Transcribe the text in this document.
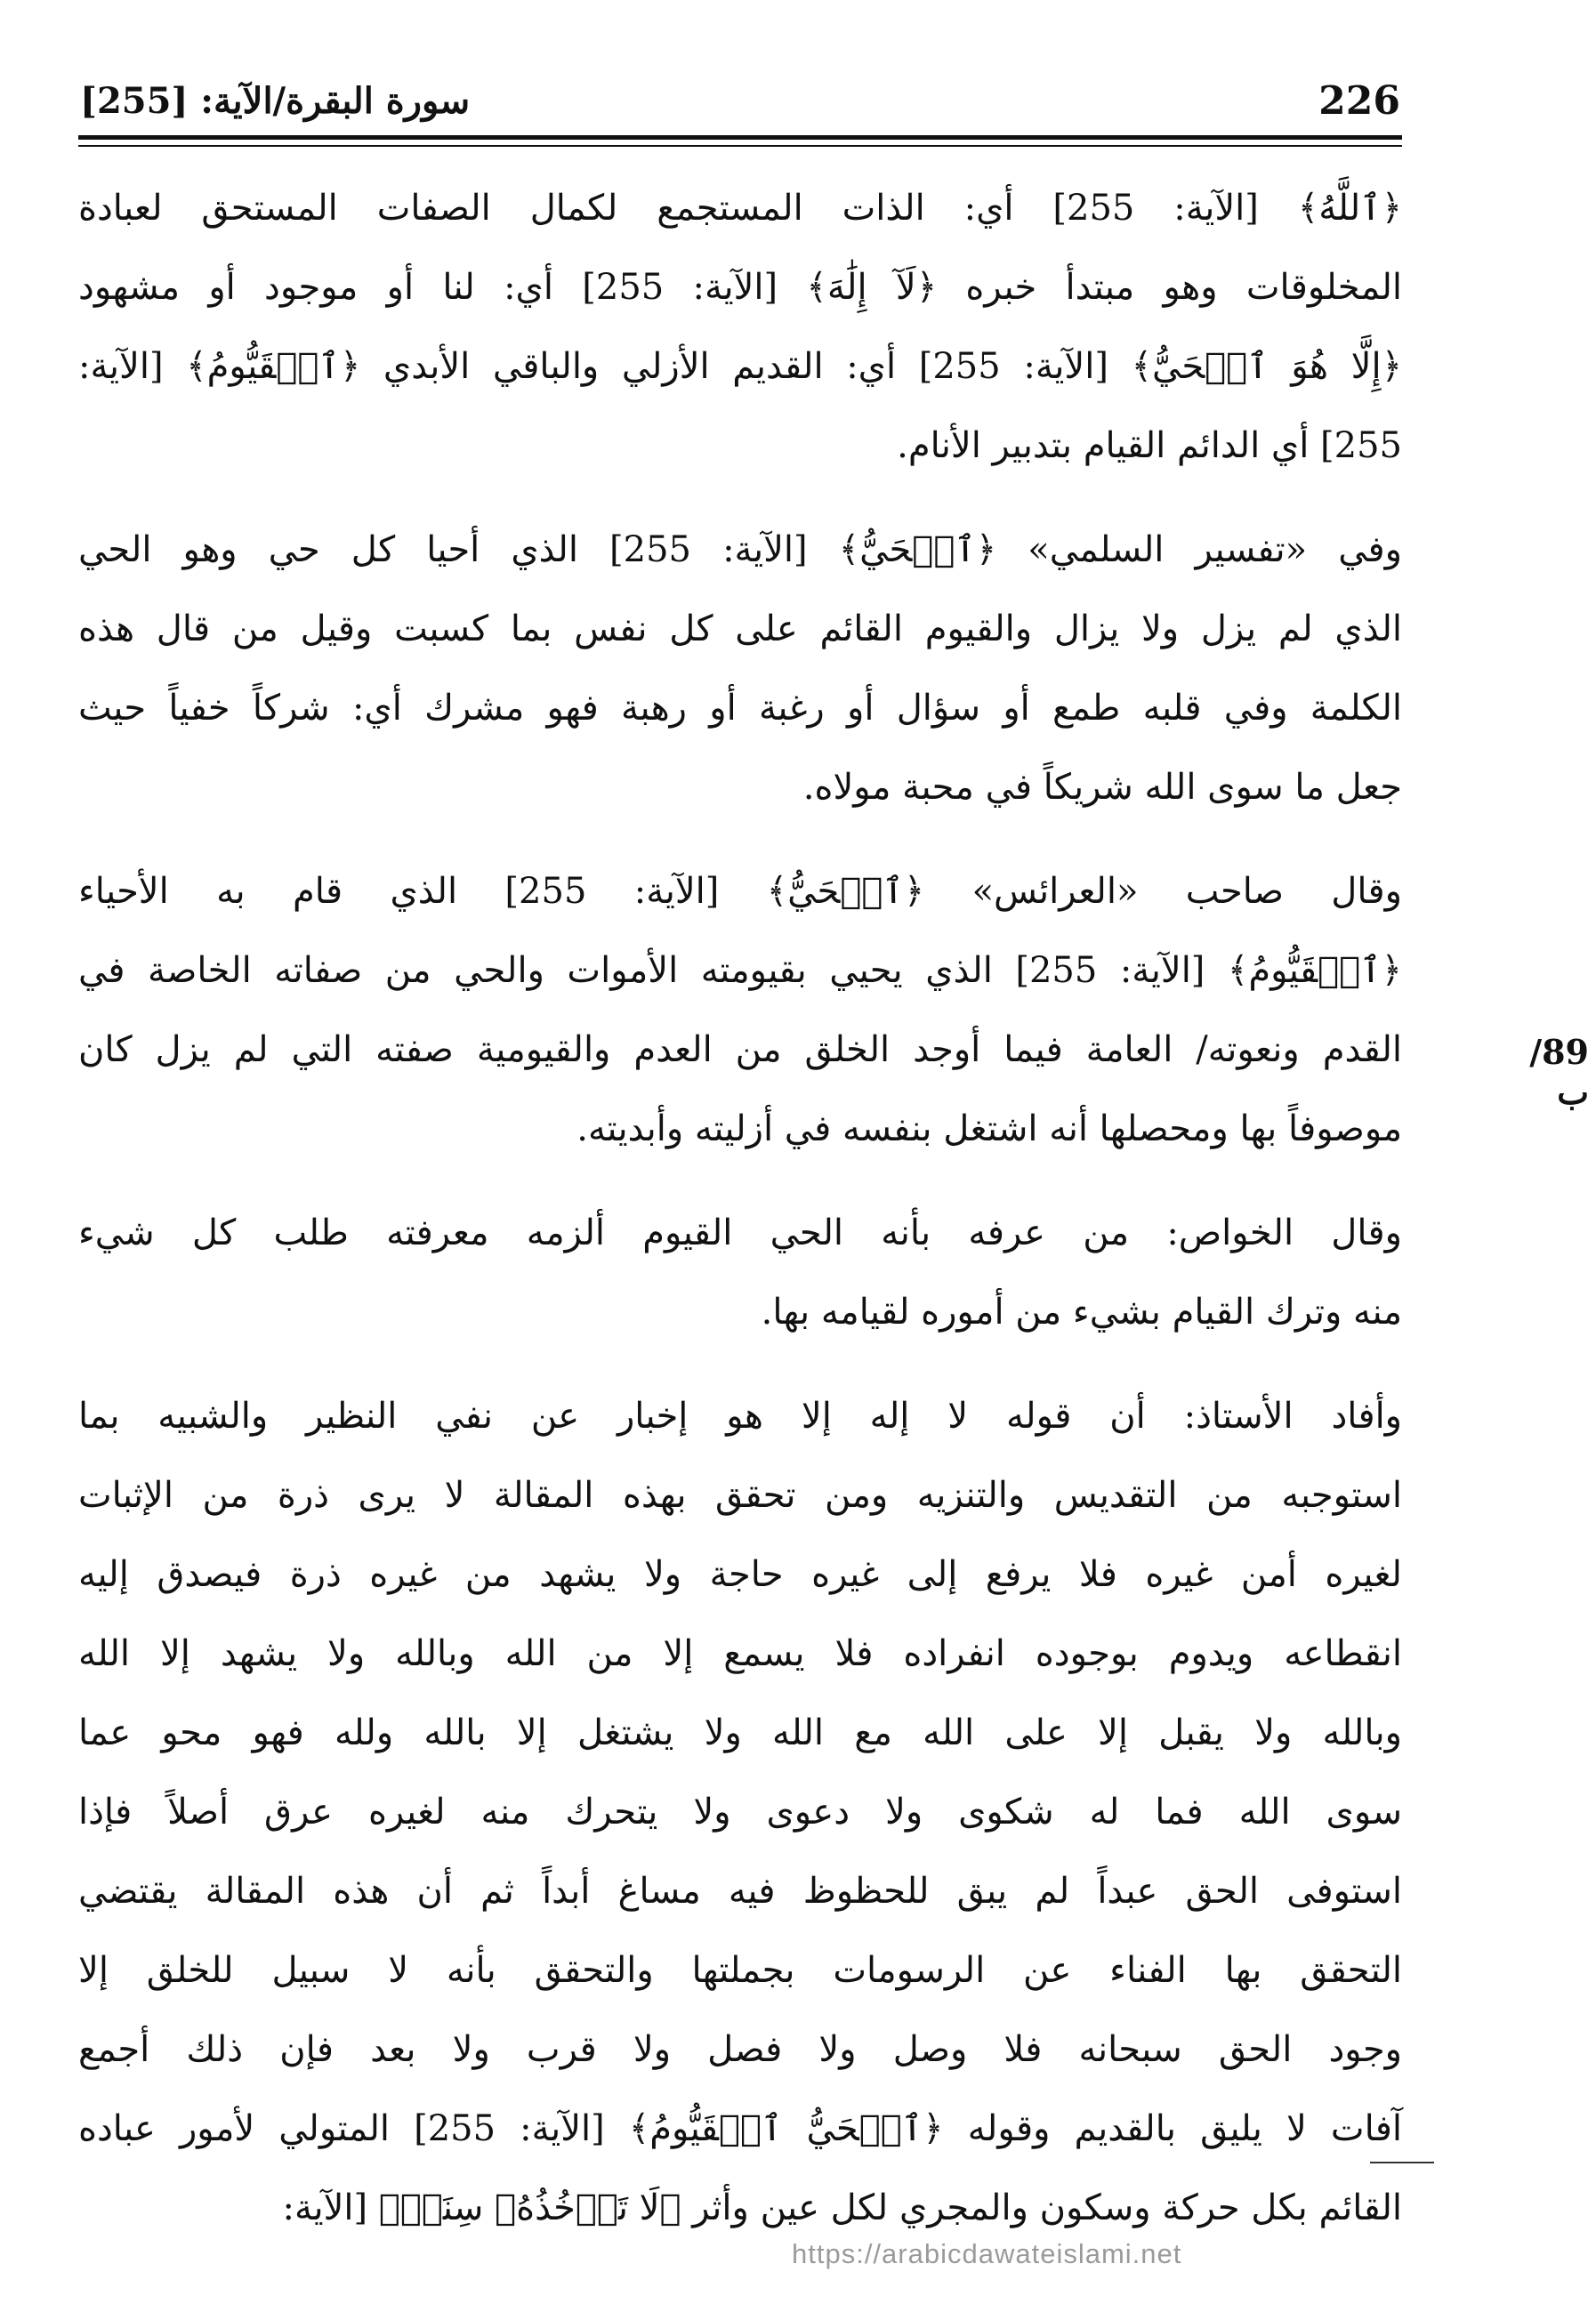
226
سورة البقرة/الآية: [255]
89/ب

﴿ٱللَّهُ﴾ [الآية: 255] أي: الذات المستجمع لكمال الصفات المستحق لعبادة
المخلوقات وهو مبتدأ خبره ﴿لَآ إِلَٰهَ﴾ [الآية: 255] أي: لنا أو موجود أو مشهود
﴿إِلَّا هُوَ ٱلۡحَيُّ﴾ [الآية: 255] أي: القديم الأزلي والباقي الأبدي ﴿ٱلۡقَيُّومُ﴾ [الآية:
255] أي الدائم القيام بتدبير الأنام.

وفي «تفسير السلمي» ﴿ٱلۡحَيُّ﴾ [الآية: 255] الذي أحيا كل حي وهو الحي
الذي لم يزل ولا يزال والقيوم القائم على كل نفس بما كسبت وقيل من قال هذه
الكلمة وفي قلبه طمع أو سؤال أو رغبة أو رهبة فهو مشرك أي: شركاً خفياً حيث
جعل ما سوى الله شريكاً في محبة مولاه.

وقال صاحب «العرائس» ﴿ٱلۡحَيُّ﴾ [الآية: 255] الذي قام به الأحياء
﴿ٱلۡقَيُّومُ﴾ [الآية: 255] الذي يحيي بقيومته الأموات والحي من صفاته الخاصة في
القدم ونعوته/ العامة فيما أوجد الخلق من العدم والقيومية صفته التي لم يزل كان
موصوفاً بها ومحصلها أنه اشتغل بنفسه في أزليته وأبديته.

وقال الخواص: من عرفه بأنه الحي القيوم ألزمه معرفته طلب كل شيء
منه وترك القيام بشيء من أموره لقيامه بها.

وأفاد الأستاذ: أن قوله لا إله إلا هو إخبار عن نفي النظير والشبيه بما
استوجبه من التقديس والتنزيه ومن تحقق بهذه المقالة لا يرى ذرة من الإثبات
لغيره أمن غيره فلا يرفع إلى غيره حاجة ولا يشهد من غيره ذرة فيصدق إليه
انقطاعه ويدوم بوجوده انفراده فلا يسمع إلا من الله وبالله ولا يشهد إلا الله
وبالله ولا يقبل إلا على الله مع الله ولا يشتغل إلا بالله ولله فهو محو عما
سوى الله فما له شكوى ولا دعوى ولا يتحرك منه لغيره عرق أصلاً فإذا
استوفى الحق عبداً لم يبق للحظوظ فيه مساغ أبداً ثم أن هذه المقالة يقتضي
التحقق بها الفناء عن الرسومات بجملتها والتحقق بأنه لا سبيل للخلق إلا
وجود الحق سبحانه فلا وصل ولا فصل ولا قرب ولا بعد فإن ذلك أجمع
آفات لا يليق بالقديم وقوله ﴿ٱلۡحَيُّ ٱلۡقَيُّومُ﴾ [الآية: 255] المتولي لأمور عباده
القائم بكل حركة وسكون والمجري لكل عين وأثر ﴿لَا تَأۡخُذُهُۥ سِنَةٞ﴾ [الآية:

https://arabicdawateislami.net
